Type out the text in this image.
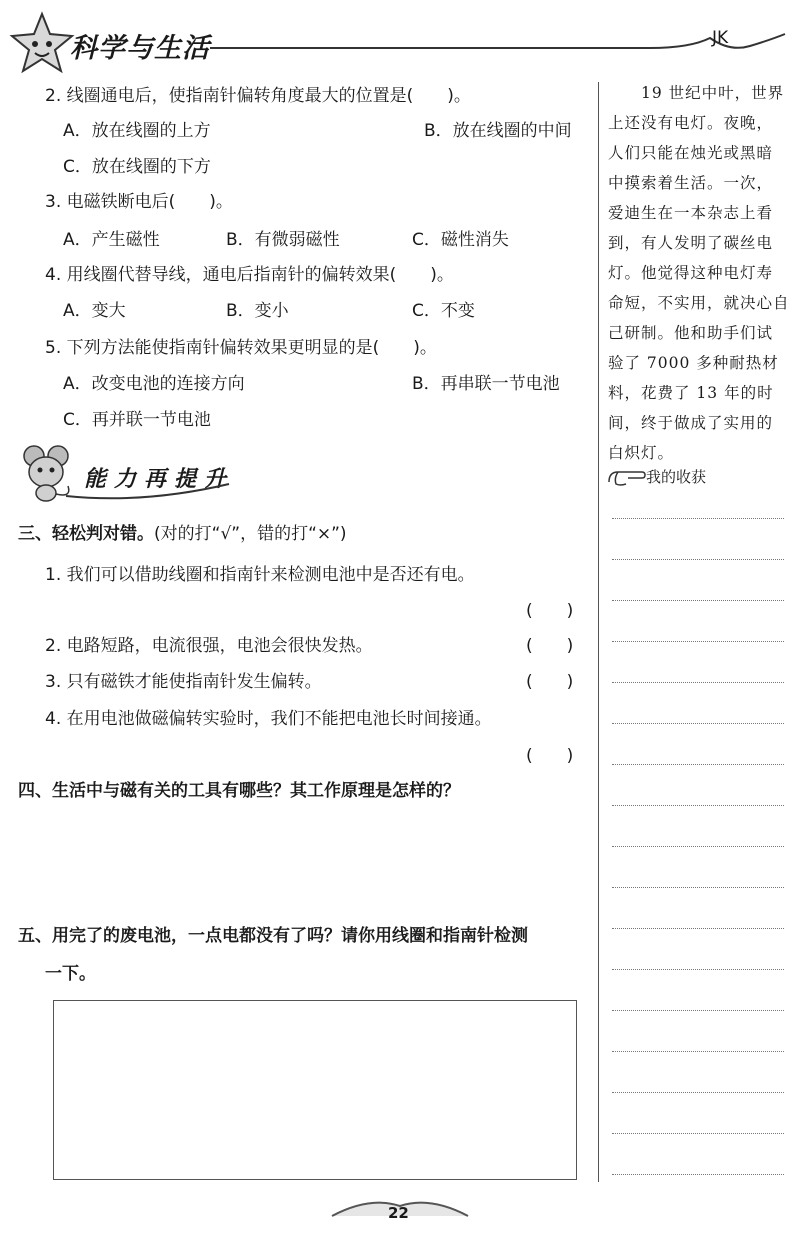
科学与生活	JK
2. 线圈通电后，使指南针偏转角度最大的位置是(　　)。
A．放在线圈的上方	B．放在线圈的中间
C．放在线圈的下方
3. 电磁铁断电后(　　)。
A．产生磁性	B．有微弱磁性	C．磁性消失
4. 用线圈代替导线，通电后指南针的偏转效果(　　)。
A．变大	B．变小	C．不变
5. 下列方法能使指南针偏转效果更明显的是(　　)。
A．改变电池的连接方向	B．再串联一节电池
C．再并联一节电池
能力再提升
三、轻松判对错。(对的打“√”，错的打“×”)
1. 我们可以借助线圈和指南针来检测电池中是否还有电。
(　　)
2. 电路短路，电流很强，电池会很快发热。	(　　)
3. 只有磁铁才能使指南针发生偏转。	(　　)
4. 在用电池做磁偏转实验时，我们不能把电池长时间接通。
(　　)
四、生活中与磁有关的工具有哪些？其工作原理是怎样的？
五、用完了的废电池，一点电都没有了吗？请你用线圈和指南针检测
一下。
　　19 世纪中叶，世界
上还没有电灯。夜晚，
人们只能在烛光或黑暗
中摸索着生活。一次，
爱迪生在一本杂志上看
到，有人发明了碳丝电
灯。他觉得这种电灯寿
命短，不实用，就决心自
己研制。他和助手们试
验了 7000 多种耐热材
料，花费了 13 年的时
间，终于做成了实用的
白炽灯。
我的收获
22
